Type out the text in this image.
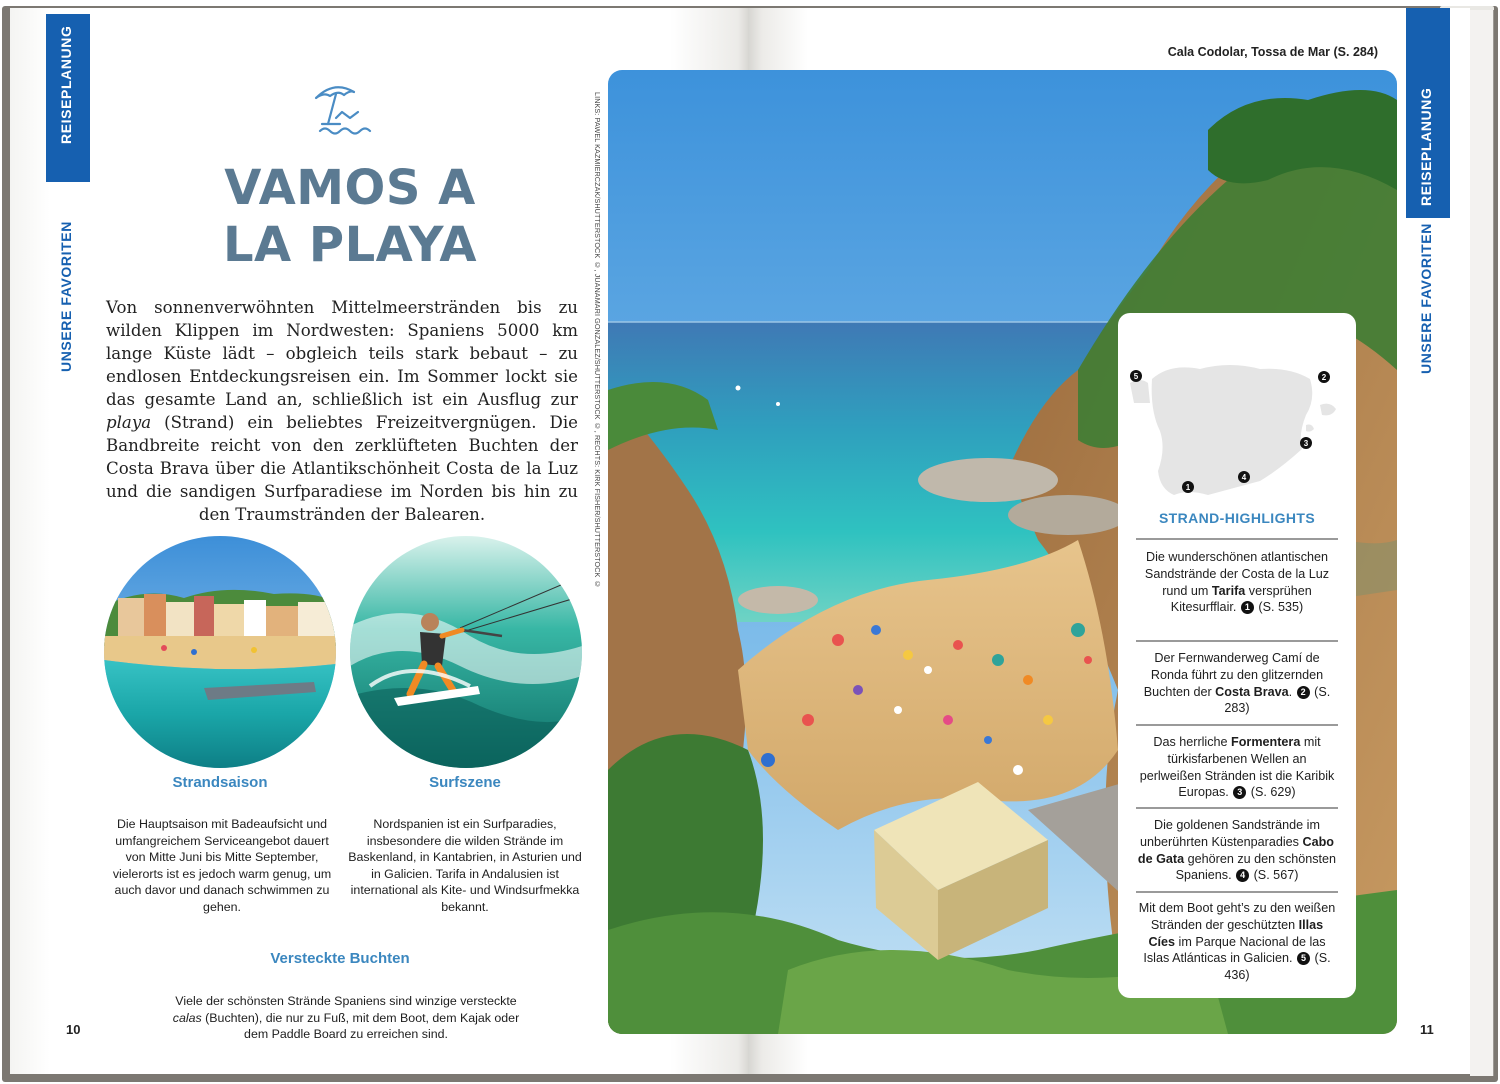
REISEPLANUNG
UNSERE FAVORITEN
VAMOS A
LA PLAYA

Von sonnenverwöhnten Mittelmeerstränden bis zu wilden Klippen im Nordwesten: Spaniens 5000 km lange Küste lädt – obgleich teils stark bebaut – zu endlosen Entdeckungsreisen ein. Im Sommer lockt sie das gesamte Land an, schließlich ist ein Ausflug zur playa (Strand) ein beliebtes Freizeitvergnügen. Die Bandbreite reicht von den zerklüfteten Buchten der Costa Brava über die Atlantikschönheit Costa de la Luz und die sandigen Surfparadiese im Norden bis hin zu den Traumstränden der Balearen.

Strandsaison
Die Hauptsaison mit Badeaufsicht und umfangreichem Serviceangebot dauert von Mitte Juni bis Mitte September, vielerorts ist es jedoch warm genug, um auch davor und danach schwimmen zu gehen.
Surfszene
Nordspanien ist ein Surfparadies, insbesondere die wilden Strände im Baskenland, in Kantabrien, in Asturien und in Galicien. Tarifa in Andalusien ist international als Kite- und Windsurfmekka bekannt.
Versteckte Buchten
Viele der schönsten Strände Spaniens sind winzige versteckte calas (Buchten), die nur zu Fuß, mit dem Boot, dem Kajak oder dem Paddle Board zu erreichen sind.
10
REISEPLANUNG
UNSERE FAVORITEN
11
Cala Codolar, Tossa de Mar (S. 284)
LINKS: PAWEL KAZMIERCZAK/SHUTTERSTOCK ©, JUANAMARI GONZALEZ/SHUTTERSTOCK ©, RECHTS: KIRK FISHER/SHUTTERSTOCK ©	1
2
3
4
5
STRAND-HIGHLIGHTS
Die wunderschönen atlantischen Sandstrände der Costa de la Luz rund um Tarifa versprühen Kitesurfflair. 1 (S. 535)
Der Fernwanderweg Camí de Ronda führt zu den glitzernden Buchten der Costa Brava. 2 (S. 283)
Das herrliche Formentera mit türkisfarbenen Wellen an perlweißen Stränden ist die Karibik Europas. 3 (S. 629)
Die goldenen Sandstrände im unberührten Küstenparadies Cabo de Gata gehören zu den schönsten Spaniens. 4 (S. 567)
Mit dem Boot geht’s zu den weißen Stränden der geschützten Illas Cíes im Parque Nacional de las Islas Atlánticas in Galicien. 5 (S. 436)
